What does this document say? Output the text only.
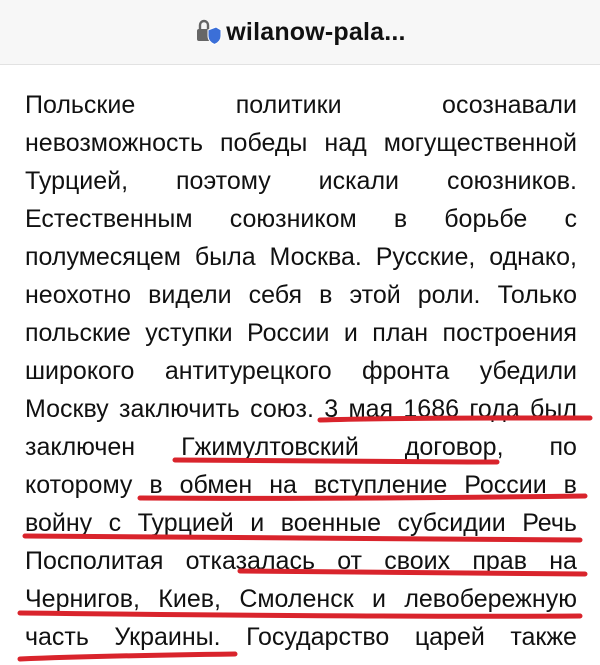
wilanow-pala...
Польские	политики	осознавали
невозможность победы над могущественной
Турцией, поэтому искали союзников.
Естественным союзником в борьбе с
полумесяцем была Москва. Русские, однако,
неохотно видели себя в этой роли. Только
польские уступки России и план построения
широкого антитурецкого фронта убедили
Москву заключить союз. 3 мая 1686 года был
заключен Гжимултовский договор, по
которому в обмен на вступление России в
войну с Турцией и военные субсидии Речь
Посполитая отказалась от своих прав на
Чернигов, Киев, Смоленск и левобережную
часть Украины. Государство царей также
